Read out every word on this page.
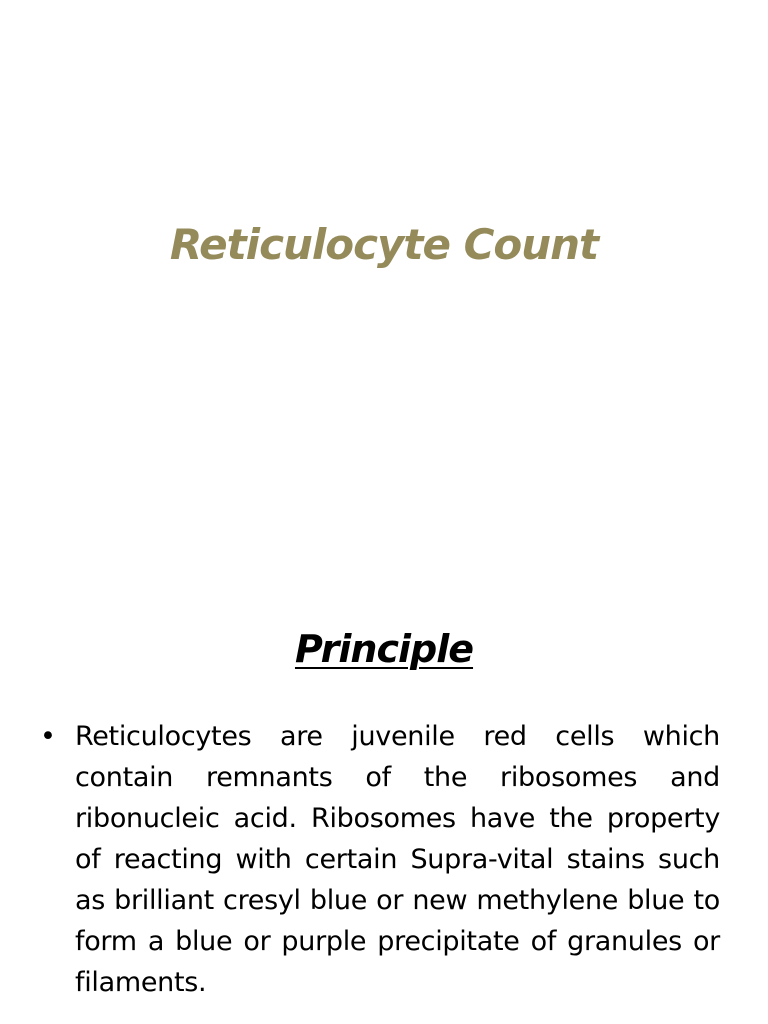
Reticulocyte Count
Principle
• Reticulocytes are juvenile red cells which contain remnants of the ribosomes and ribonucleic acid. Ribosomes have the property of reacting with certain Supra-vital stains such as brilliant cresyl blue or new methylene blue to form a blue or purple precipitate of granules or filaments.
